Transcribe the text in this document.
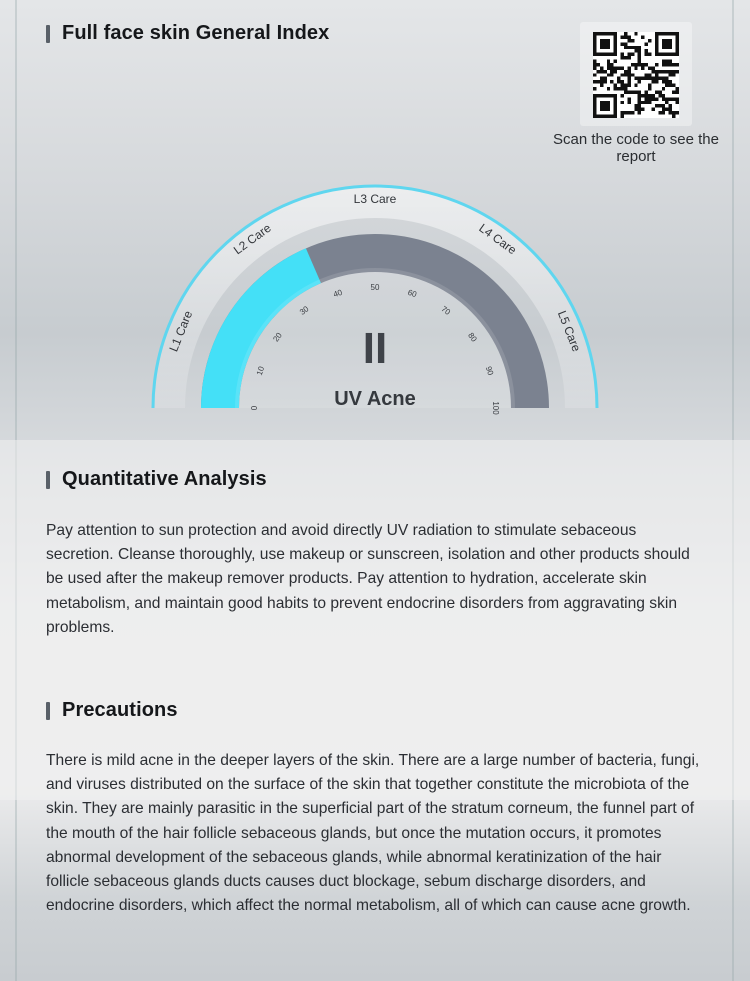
Full face skin General Index
Scan the code to see the report
0
10
20
30
40
50
60
70
80
90
100
L1 Care
L2 Care
L3 Care
L4 Care
L5 Care
II
UV Acne
Quantitative Analysis

Pay attention to sun protection and avoid directly UV radiation to stimulate sebaceous secretion. Cleanse thoroughly, use makeup or sunscreen, isolation and other products should be used after the makeup remover products. Pay attention to hydration, accelerate skin metabolism, and maintain good habits to prevent endocrine disorders from aggravating skin problems.

Precautions

There is mild acne in the deeper layers of the skin. There are a large number of bacteria, fungi, and viruses distributed on the surface of the skin that together constitute the microbiota of the skin. They are mainly parasitic in the superficial part of the stratum corneum, the funnel part of the mouth of the hair follicle sebaceous glands, but once the mutation occurs, it promotes abnormal development of the sebaceous glands, while abnormal keratinization of the hair follicle sebaceous glands ducts causes duct blockage, sebum discharge disorders, and endocrine disorders, which affect the normal metabolism, all of which can cause acne growth.
